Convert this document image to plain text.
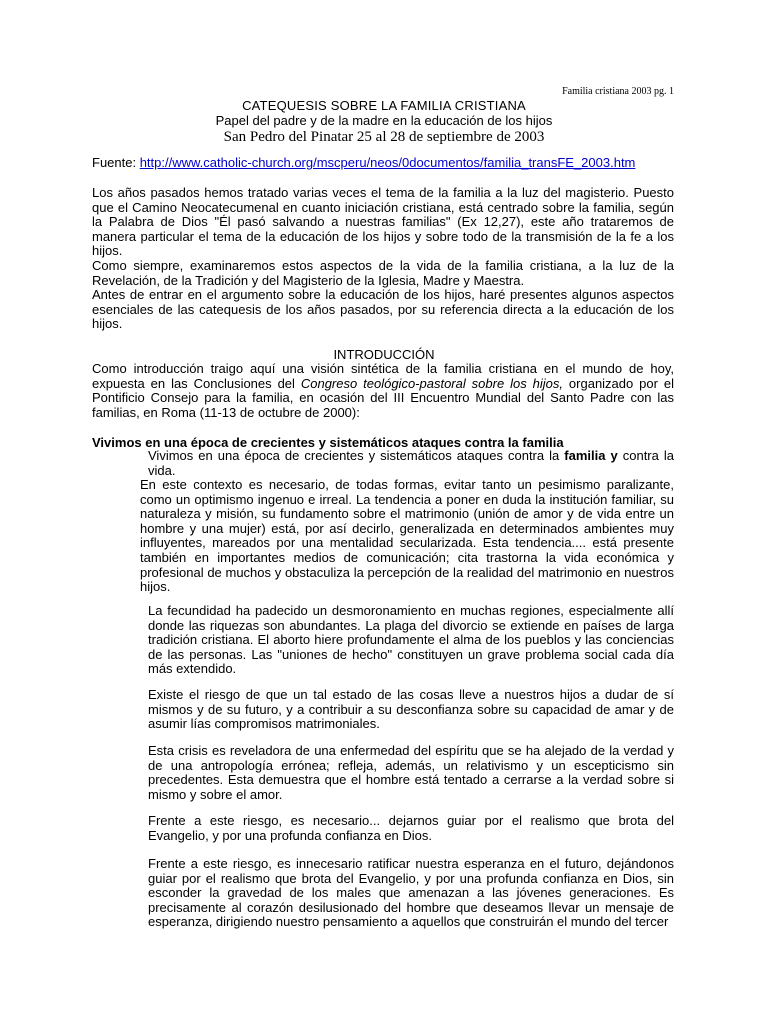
Familia cristiana 2003 pg. 1
CATEQUESIS SOBRE LA FAMILIA CRISTIANA
Papel del padre y de la madre en la educación de los hijos
San Pedro del Pinatar 25 al 28 de septiembre de 2003
Fuente: http://www.catholic-church.org/mscperu/neos/0documentos/familia_transFE_2003.htm

Los años pasados hemos tratado varias veces el tema de la familia a la luz del magisterio. Puesto que el Camino Neocatecumenal en cuanto iniciación cristiana, está centrado sobre la familia, según la Palabra de Dios "Él pasó salvando a nuestras familias" (Ex 12,27), este año trataremos de manera particular el tema de la educación de los hijos y sobre todo de la transmisión de la fe a los hijos.

Como siempre, examinaremos estos aspectos de la vida de la familia cristiana, a la luz de la Revelación, de la Tradición y del Magisterio de la Iglesia, Madre y Maestra.

Antes de entrar en el argumento sobre la educación de los hijos, haré presentes algunos aspectos esenciales de las catequesis de los años pasados, por su referencia directa a la educación de los hijos.

INTRODUCCIÓN
Como introducción traigo aquí una visión sintética de la familia cristiana en el mundo de hoy, expuesta en las Conclusiones del Congreso teológico-pastoral sobre los hijos, organizado por el Pontificio Consejo para la familia, en ocasión del III Encuentro Mundial del Santo Padre con las familias, en Roma (11-13 de octubre de 2000):
Vivimos en una época de crecientes y sistemáticos ataques contra la familia
Vivimos en una época de crecientes y sistemáticos ataques contra la familia y contra la vida.
En este contexto es necesario, de todas formas, evitar tanto un pesimismo paralizante, como un optimismo ingenuo e irreal. La tendencia a poner en duda la institución familiar, su naturaleza y misión, su fundamento sobre el matrimonio (unión de amor y de vida entre un hombre y una mujer) está, por así decirlo, generalizada en determinados ambientes muy influyentes, mareados por una mentalidad secularizada. Esta tendencia.... está presente también en importantes medios de comunicación; cita trastorna la vida económica y profesional de muchos y obstaculiza la percepción de la realidad del matrimonio en nuestros hijos.
La fecundidad ha padecido un desmoronamiento en muchas regiones, especialmente allí donde las riquezas son abundantes. La plaga del divorcio se extiende en países de larga tradición cristiana. El aborto hiere profundamente el alma de los pueblos y las conciencias de las personas. Las "uniones de hecho" constituyen un grave problema social cada día más extendido.
Existe el riesgo de que un tal estado de las cosas lleve a nuestros hijos a dudar de sí mismos y de su futuro, y a contribuir a su desconfianza sobre su capacidad de amar y de asumir lías compromisos matrimoniales.
Esta crisis es reveladora de una enfermedad del espíritu que se ha alejado de la verdad y de una antropología errónea; refleja, además, un relativismo y un escepticismo sin precedentes. Esta demuestra que el hombre está tentado a cerrarse a la verdad sobre si mismo y sobre el amor.
Frente a este riesgo, es necesario... dejarnos guiar por el realismo que brota del Evangelio, y por una profunda confianza en Dios.
Frente a este riesgo, es innecesario ratificar nuestra esperanza en el futuro, dejándonos guiar por el realismo que brota del Evangelio, y por una profunda confianza en Dios, sin esconder la gravedad de los males que amenazan a las jóvenes generaciones. Es precisamente al corazón desilusionado del hombre que deseamos llevar un mensaje de esperanza, dirigiendo nuestro pensamiento a aquellos que construirán el mundo del tercer
